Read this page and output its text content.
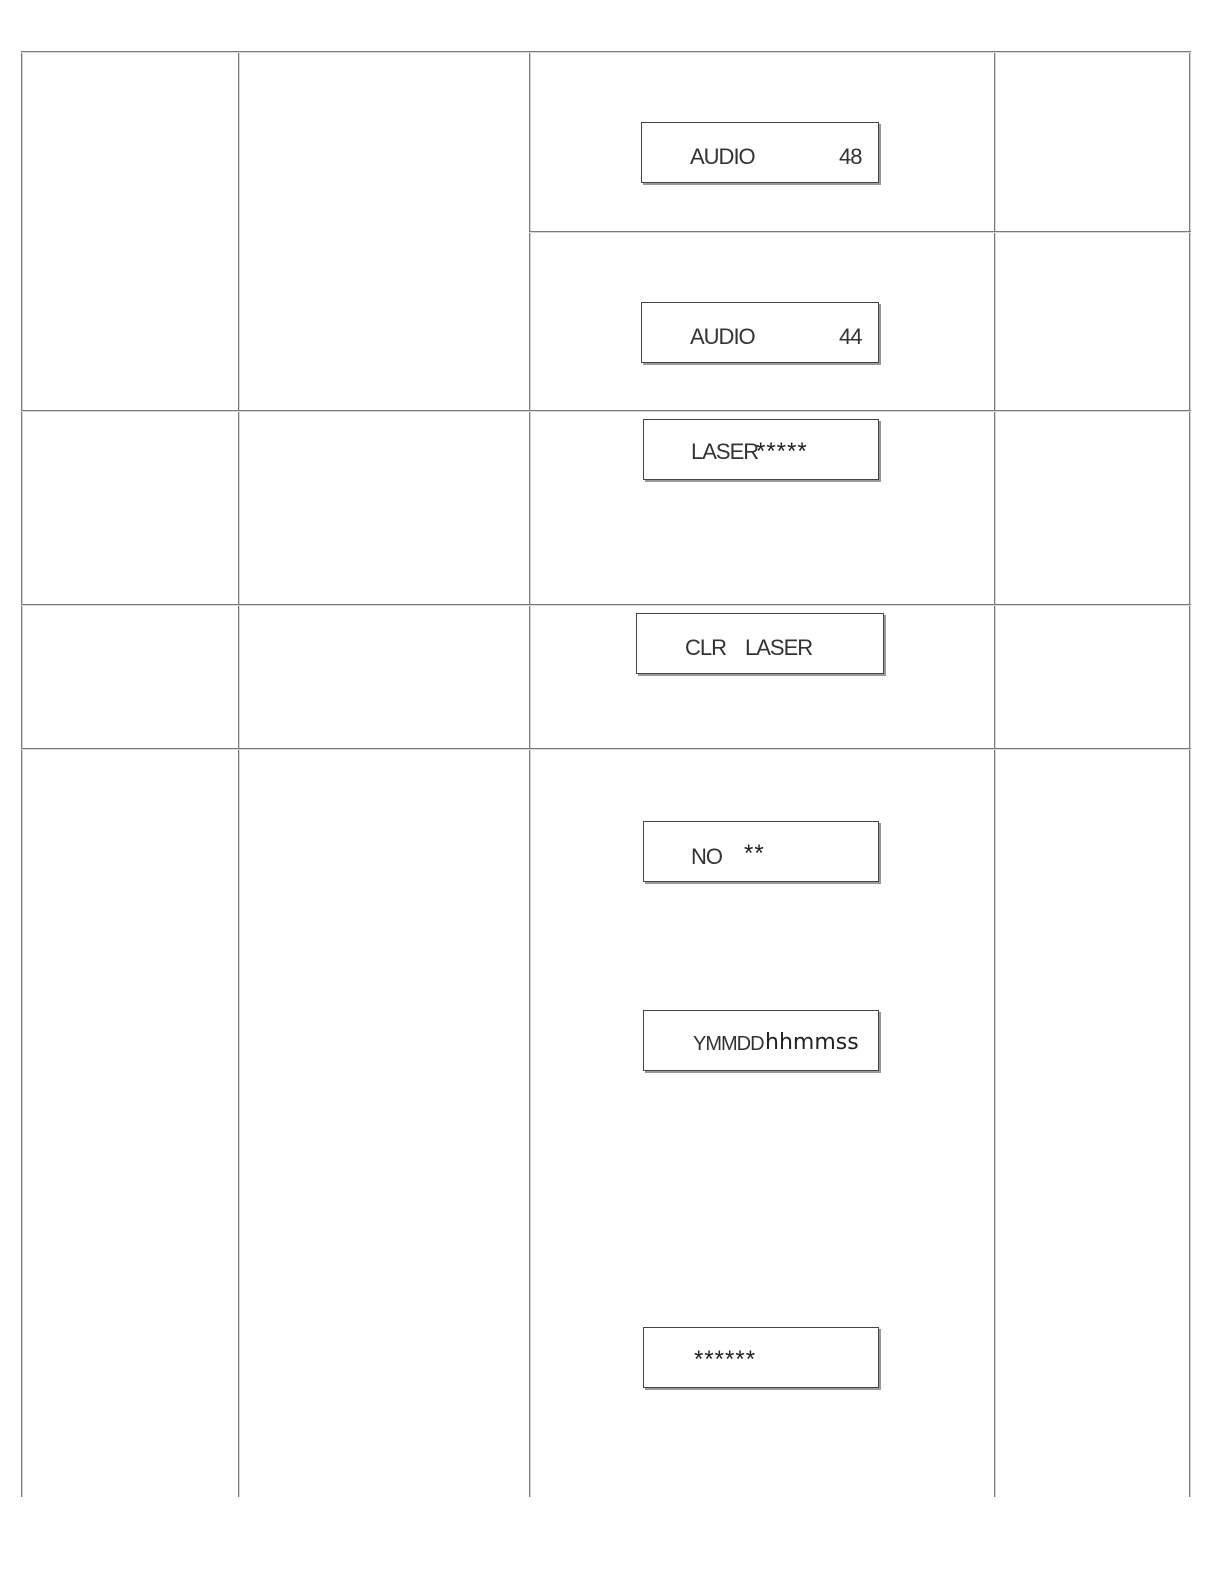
AUDIO	48
AUDIO	44
LASER
*****
CLR LASER
NO **
YMMDD hhmmss
******
